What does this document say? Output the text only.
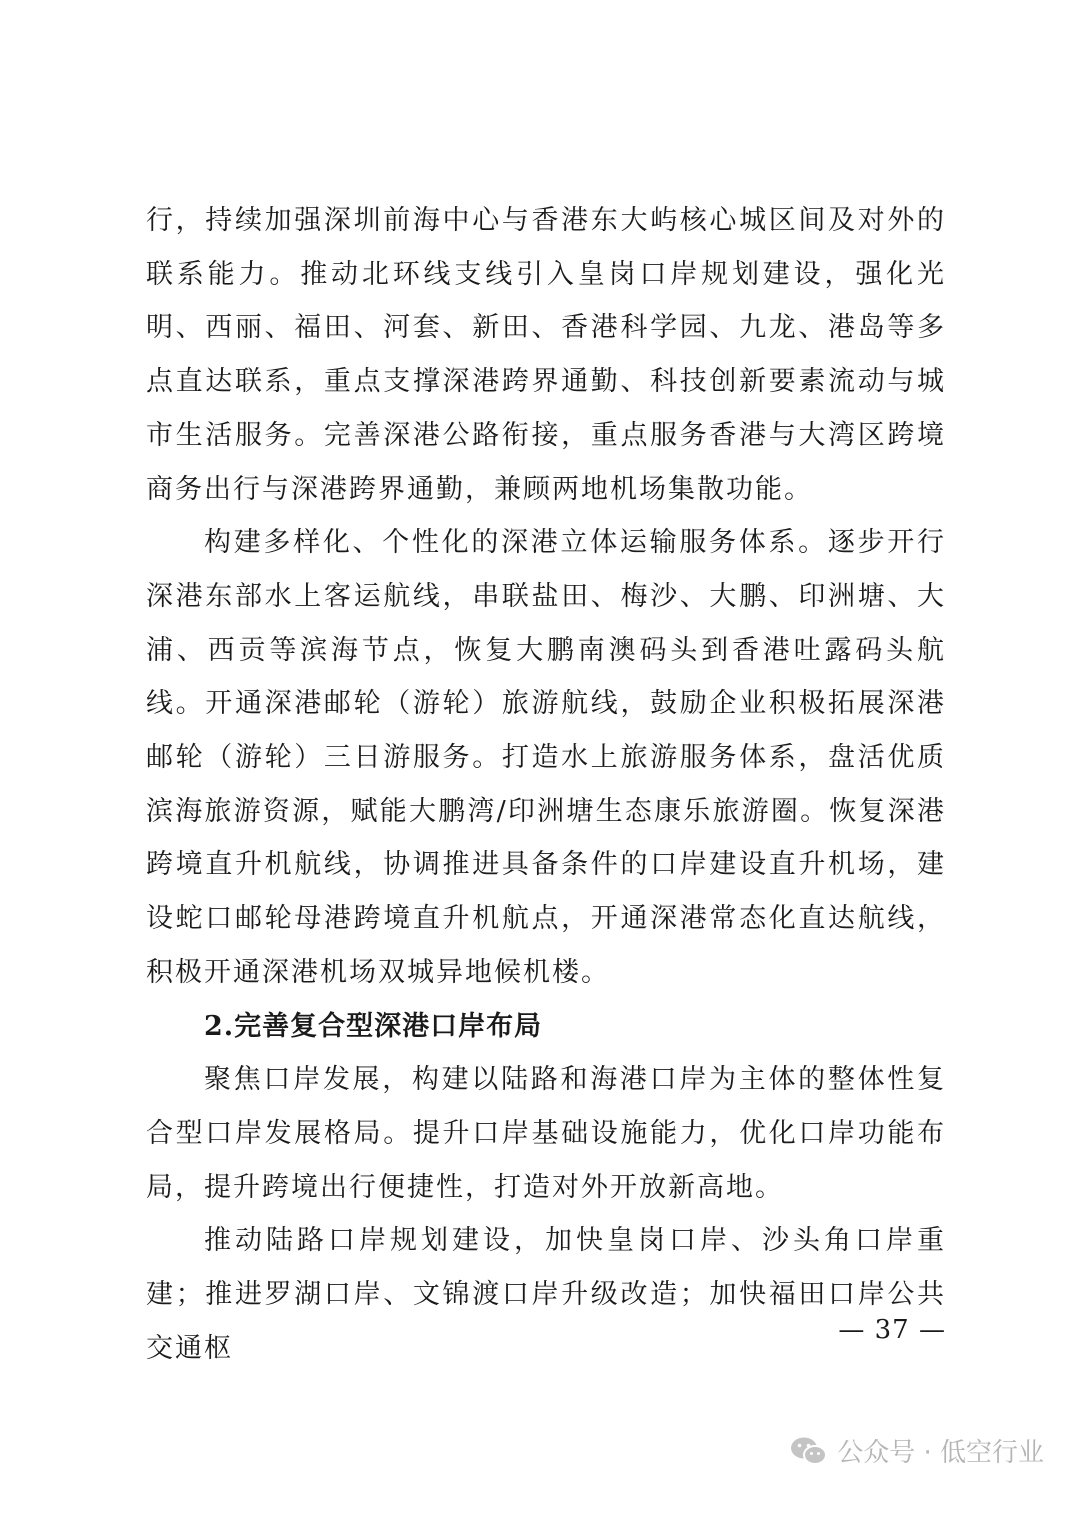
行，持续加强深圳前海中心与香港东大屿核心城区间及对外的联系能力。推动北环线支线引入皇岗口岸规划建设，强化光明、西丽、福田、河套、新田、香港科学园、九龙、港岛等多点直达联系，重点支撑深港跨界通勤、科技创新要素流动与城市生活服务。完善深港公路衔接，重点服务香港与大湾区跨境商务出行与深港跨界通勤，兼顾两地机场集散功能。

构建多样化、个性化的深港立体运输服务体系。逐步开行深港东部水上客运航线，串联盐田、梅沙、大鹏、印洲塘、大浦、西贡等滨海节点，恢复大鹏南澳码头到香港吐露码头航线。开通深港邮轮（游轮）旅游航线，鼓励企业积极拓展深港邮轮（游轮）三日游服务。打造水上旅游服务体系，盘活优质滨海旅游资源，赋能大鹏湾/印洲塘生态康乐旅游圈。恢复深港跨境直升机航线，协调推进具备条件的口岸建设直升机场，建设蛇口邮轮母港跨境直升机航点，开通深港常态化直达航线，积极开通深港机场双城异地候机楼。

2.完善复合型深港口岸布局

聚焦口岸发展，构建以陆路和海港口岸为主体的整体性复合型口岸发展格局。提升口岸基础设施能力，优化口岸功能布局，提升跨境出行便捷性，打造对外开放新高地。

推动陆路口岸规划建设，加快皇岗口岸、沙头角口岸重建；推进罗湖口岸、文锦渡口岸升级改造；加快福田口岸公共交通枢

— 37 —
公众号 · 低空行业
